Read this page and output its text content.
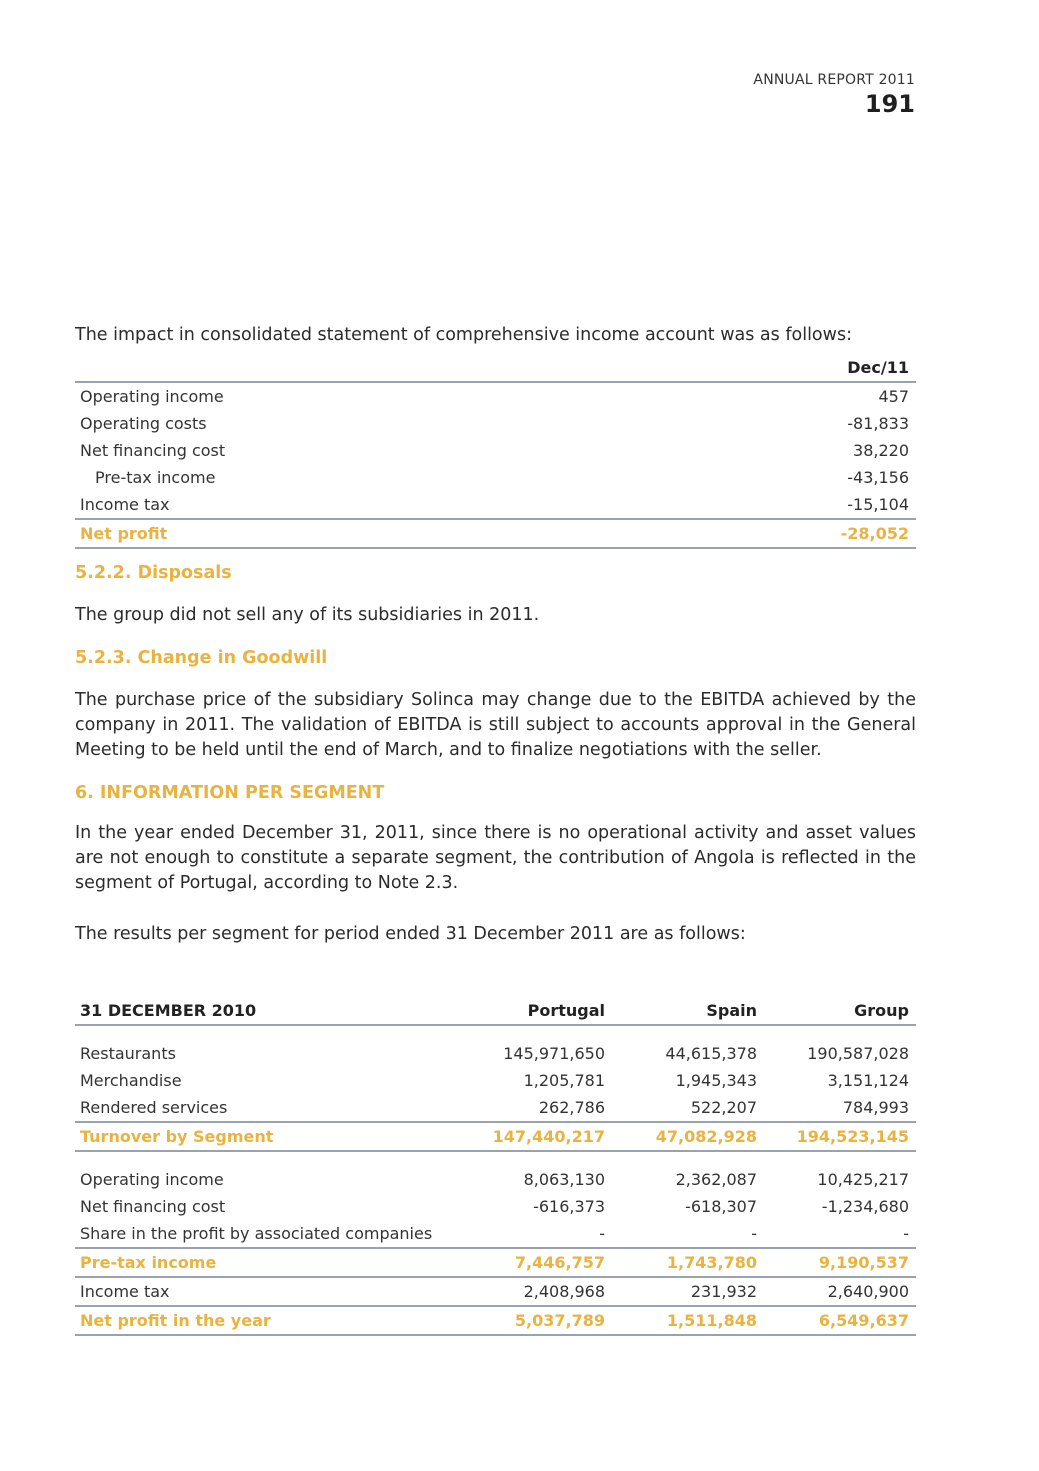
ANNUAL REPORT 2011
191

The impact in consolidated statement of comprehensive income account was as follows:

	Dec/11
Operating income	457
Operating costs	-81,833
Net financing cost	38,220
Pre-tax income	-43,156
Income tax	-15,104
Net profit	-28,052
5.2.2. Disposals

The group did not sell any of its subsidiaries in 2011.

5.2.3. Change in Goodwill

The purchase price of the subsidiary Solinca may change due to the EBITDA achieved by the company in 2011. The validation of EBITDA is still subject to accounts approval in the General Meeting to be held until the end of March, and to finalize negotiations with the seller.

6. INFORMATION PER SEGMENT

In the year ended December 31, 2011, since there is no operational activity and asset values are not enough to constitute a separate segment, the contribution of Angola is reflected in the segment of Portugal, according to Note 2.3.

The results per segment for period ended 31 December 2011 are as follows:

31 DECEMBER 2010	Portugal	Spain	Group

Restaurants	145,971,650	44,615,378	190,587,028
Merchandise	1,205,781	1,945,343	3,151,124
Rendered services	262,786	522,207	784,993
Turnover by Segment	147,440,217	47,082,928	194,523,145

Operating income	8,063,130	2,362,087	10,425,217
Net financing cost	-616,373	-618,307	-1,234,680
Share in the profit by associated companies	-	-	-
Pre-tax income	7,446,757	1,743,780	9,190,537
Income tax	2,408,968	231,932	2,640,900
Net profit in the year	5,037,789	1,511,848	6,549,637
